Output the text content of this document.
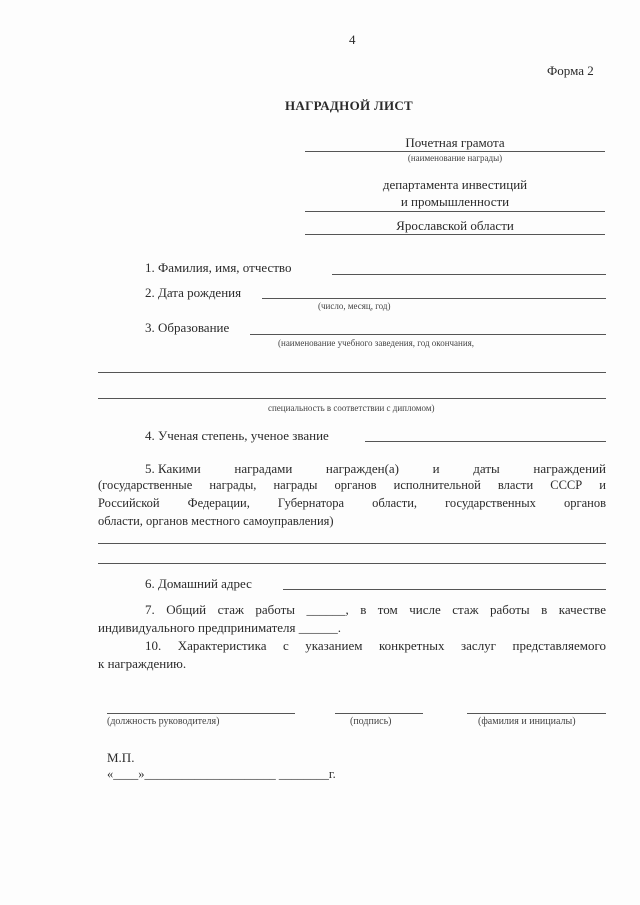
4
Форма 2
НАГРАДНОЙ ЛИСТ
Почетная грамота
(наименование награды)
департамента инвестиций
и промышленности
Ярославской области
1. Фамилия, имя, отчество
2. Дата рождения
(число, месяц, год)
3. Образование
(наименование учебного заведения, год окончания,
специальность в соответствии с дипломом)
4. Ученая степень, ученое звание
5. Какими	наградами	награжден(а)	и	даты	награждений
(государственные награды, награды органов исполнительной власти СССР и
Российской Федерации, Губернатора области, государственных органов
области, органов местного самоуправления)
6. Домашний адрес
7. Общий стаж работы ______, в том числе стаж работы в качестве
индивидуального предпринимателя ______.
10. Характеристика с указанием конкретных заслуг представляемого
к награждению.
(должность руководителя)	(подпись)	(фамилия и инициалы)
М.П.
«____»_____________________ ________г.
